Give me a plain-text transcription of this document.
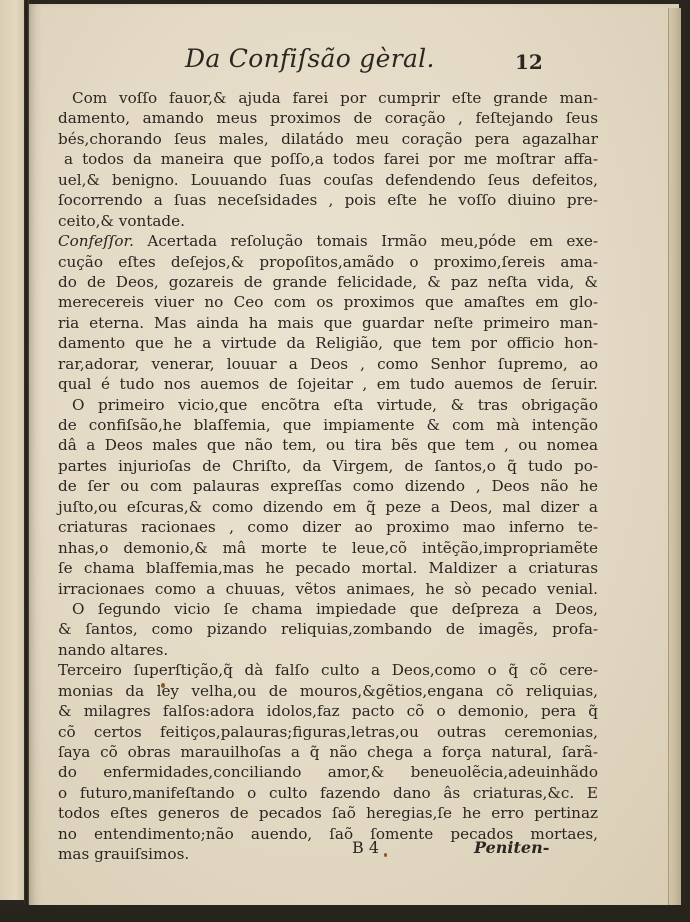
Da Confiſsão gèral.	12
Com voſſo fauor,& ajuda farei por cumprir eſte grande man-
damento, amando meus proximos de coração , feſtejando ſeus
bés,chorando ſeus males, dilatádo meu coração pera agazalhar
a todos da maneira que poſſo,a todos farei por me moſtrar affa-
uel,& benigno. Louuando ſuas couſas defendendo ſeus defeitos,
ſocorrendo a ſuas neceſsidades , pois eſte he voſſo diuino pre-
ceito,& vontade.
Confeſſor. Acertada reſolução tomais Irmão meu,póde em exe-
cução eſtes deſejos,& propoſitos,amãdo o proximo,ſereis ama-
do de Deos, gozareis de grande felicidade, & paz neſta vida, &
merecereis viuer no Ceo com os proximos que amaſtes em glo-
ria eterna. Mas ainda ha mais que guardar neſte primeiro man-
damento que he a virtude da Religião, que tem por officio hon-
rar,adorar, venerar, louuar a Deos , como Senhor ſupremo, ao
qual é tudo nos auemos de ſojeitar , em tudo auemos de ſeruir.
O primeiro vicio,que encõtra eſta virtude, & tras obrigação
de confiſsão,he blaſfemia, que impiamente & com mà intenção
dâ a Deos males que não tem, ou tira bẽs que tem , ou nomea
partes injurioſas de Chriſto, da Virgem, de ſantos,o q̃ tudo po-
de ſer ou com palauras expreſſas como dizendo , Deos não he
juſto,ou eſcuras,& como dizendo em q̃ peze a Deos, mal dizer a
criaturas racionaes , como dizer ao proximo mao inferno te-
nhas,o demonio,& mâ morte te leue,cõ intẽção,impropriamẽte
ſe chama blaſfemia,mas he pecado mortal. Maldizer a criaturas
irracionaes como a chuuas, vẽtos animaes, he sò pecado venial.
O ſegundo vicio ſe chama impiedade que deſpreza a Deos,
& ſantos, como pizando reliquias,zombando de imagẽs, profa-
nando altares.
Terceiro ſuperſtição,q̃ dà falſo culto a Deos,como o q̃ cõ cere-
monias da ley velha,ou de mouros,&gẽtios,engana cõ reliquias,
& milagres falſos:adora idolos,faz pacto cõ o demonio, pera q̃
cõ certos feitiços,palauras;figuras,letras,ou outras ceremonias,
ſaya cõ obras marauilhoſas a q̃ não chega a força natural, ſarã-
do enfermidades,conciliando amor,& beneuolẽcia,adeuinhãdo
o futuro,manifeſtando o culto fazendo dano âs criaturas,&c. E
todos eſtes generos de pecados ſaõ heregias,ſe he erro pertinaz
no entendimento;não auendo, ſaõ ſomente pecados mortaes,
mas grauiſsimos.	B 4	Peniten-
